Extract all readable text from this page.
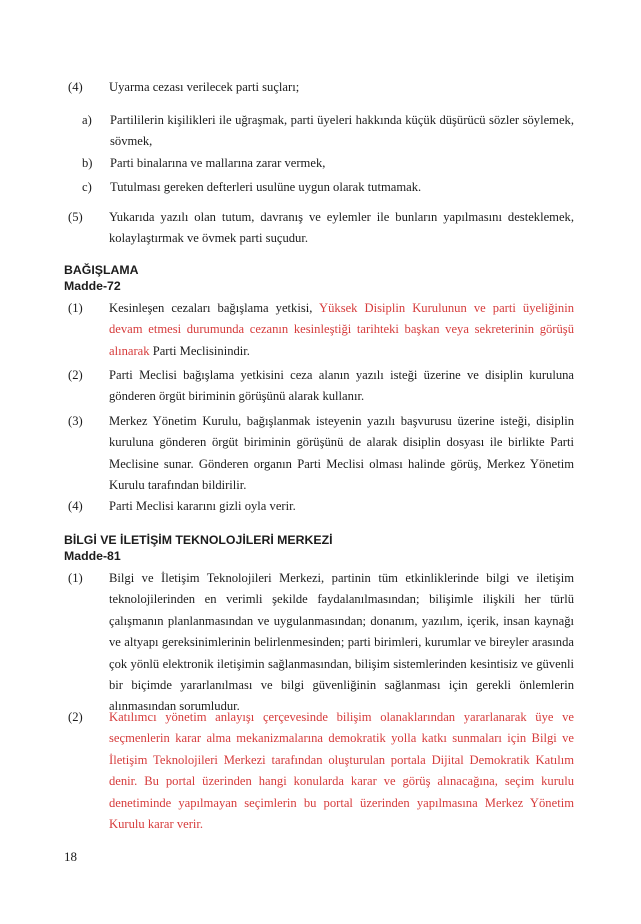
(4) Uyarma cezası verilecek parti suçları;
a) Partililerin kişilikleri ile uğraşmak, parti üyeleri hakkında küçük düşürücü sözler söylemek, sövmek,
b) Parti binalarına ve mallarına zarar vermek,
c) Tutulması gereken defterleri usulüne uygun olarak tutmamak.
(5) Yukarıda yazılı olan tutum, davranış ve eylemler ile bunların yapılmasını desteklemek, kolaylaştırmak ve övmek parti suçudur.
BAĞIŞLAMA
Madde-72
(1) Kesinleşen cezaları bağışlama yetkisi, Yüksek Disiplin Kurulunun ve parti üyeliğinin devam etmesi durumunda cezanın kesinleştiği tarihteki başkan veya sekreterinin görüşü alınarak Parti Meclisinindir.
(2) Parti Meclisi bağışlama yetkisini ceza alanın yazılı isteği üzerine ve disiplin kuruluna gönderen örgüt biriminin görüşünü alarak kullanır.
(3) Merkez Yönetim Kurulu, bağışlanmak isteyenin yazılı başvurusu üzerine isteği, disiplin kuruluna gönderen örgüt biriminin görüşünü de alarak disiplin dosyası ile birlikte Parti Meclisine sunar. Gönderen organın Parti Meclisi olması halinde görüş, Merkez Yönetim Kurulu tarafından bildirilir.
(4) Parti Meclisi kararını gizli oyla verir.
BİLGİ VE İLETİŞİM TEKNOLOJİLERİ MERKEZİ
Madde-81
(1) Bilgi ve İletişim Teknolojileri Merkezi, partinin tüm etkinliklerinde bilgi ve iletişim teknolojilerinden en verimli şekilde faydalanılmasından; bilişimle ilişkili her türlü çalışmanın planlanmasından ve uygulanmasından; donanım, yazılım, içerik, insan kaynağı ve altyapı gereksinimlerinin belirlenmesinden; parti birimleri, kurumlar ve bireyler arasında çok yönlü elektronik iletişimin sağlanmasından, bilişim sistemlerinden kesintisiz ve güvenli bir biçimde yararlanılması ve bilgi güvenliğinin sağlanması için gerekli önlemlerin alınmasından sorumludur.
(2) Katılımcı yönetim anlayışı çerçevesinde bilişim olanaklarından yararlanarak üye ve seçmenlerin karar alma mekanizmalarına demokratik yolla katkı sunmaları için Bilgi ve İletişim Teknolojileri Merkezi tarafından oluşturulan portala Dijital Demokratik Katılım denir. Bu portal üzerinden hangi konularda karar ve görüş alınacağına, seçim kurulu denetiminde yapılmayan seçimlerin bu portal üzerinden yapılmasına Merkez Yönetim Kurulu karar verir.
18
